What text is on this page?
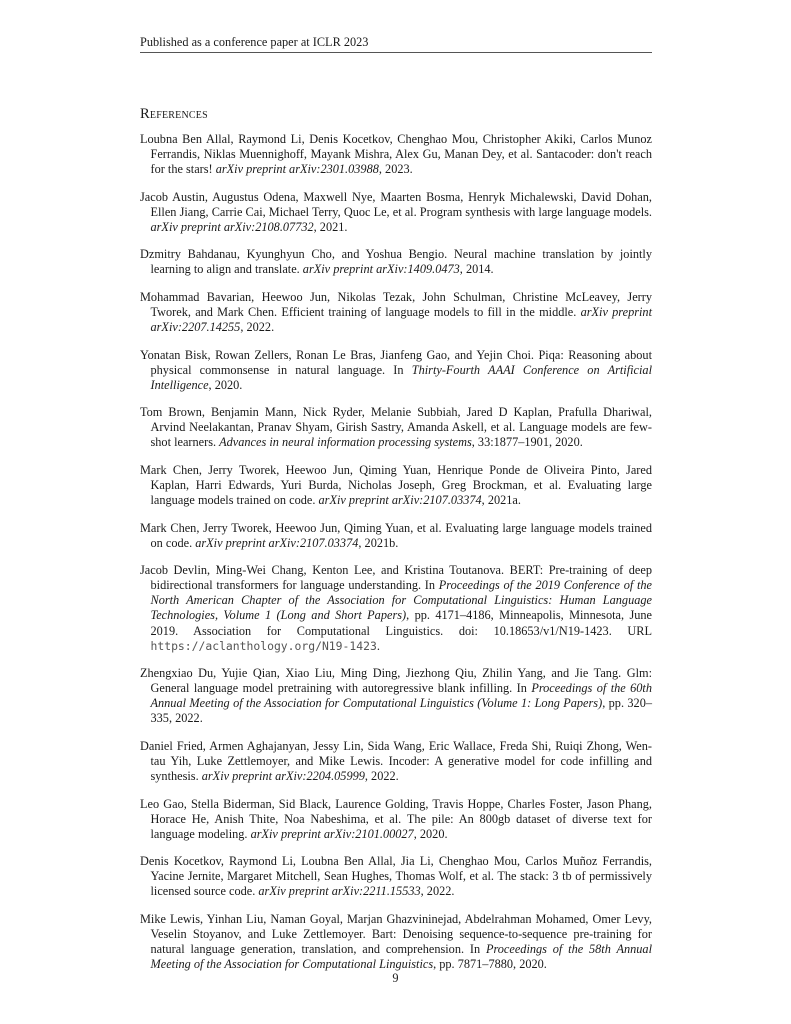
Published as a conference paper at ICLR 2023
References
Loubna Ben Allal, Raymond Li, Denis Kocetkov, Chenghao Mou, Christopher Akiki, Carlos Munoz Ferrandis, Niklas Muennighoff, Mayank Mishra, Alex Gu, Manan Dey, et al. Santacoder: don't reach for the stars! arXiv preprint arXiv:2301.03988, 2023.
Jacob Austin, Augustus Odena, Maxwell Nye, Maarten Bosma, Henryk Michalewski, David Dohan, Ellen Jiang, Carrie Cai, Michael Terry, Quoc Le, et al. Program synthesis with large language models. arXiv preprint arXiv:2108.07732, 2021.
Dzmitry Bahdanau, Kyunghyun Cho, and Yoshua Bengio. Neural machine translation by jointly learning to align and translate. arXiv preprint arXiv:1409.0473, 2014.
Mohammad Bavarian, Heewoo Jun, Nikolas Tezak, John Schulman, Christine McLeavey, Jerry Tworek, and Mark Chen. Efficient training of language models to fill in the middle. arXiv preprint arXiv:2207.14255, 2022.
Yonatan Bisk, Rowan Zellers, Ronan Le Bras, Jianfeng Gao, and Yejin Choi. Piqa: Reasoning about physical commonsense in natural language. In Thirty-Fourth AAAI Conference on Artificial Intelligence, 2020.
Tom Brown, Benjamin Mann, Nick Ryder, Melanie Subbiah, Jared D Kaplan, Prafulla Dhariwal, Arvind Neelakantan, Pranav Shyam, Girish Sastry, Amanda Askell, et al. Language models are few-shot learners. Advances in neural information processing systems, 33:1877–1901, 2020.
Mark Chen, Jerry Tworek, Heewoo Jun, Qiming Yuan, Henrique Ponde de Oliveira Pinto, Jared Kaplan, Harri Edwards, Yuri Burda, Nicholas Joseph, Greg Brockman, et al. Evaluating large language models trained on code. arXiv preprint arXiv:2107.03374, 2021a.
Mark Chen, Jerry Tworek, Heewoo Jun, Qiming Yuan, et al. Evaluating large language models trained on code. arXiv preprint arXiv:2107.03374, 2021b.
Jacob Devlin, Ming-Wei Chang, Kenton Lee, and Kristina Toutanova. BERT: Pre-training of deep bidirectional transformers for language understanding. In Proceedings of the 2019 Conference of the North American Chapter of the Association for Computational Linguistics: Human Language Technologies, Volume 1 (Long and Short Papers), pp. 4171–4186, Minneapolis, Minnesota, June 2019. Association for Computational Linguistics. doi: 10.18653/v1/N19-1423. URL https://aclanthology.org/N19-1423.
Zhengxiao Du, Yujie Qian, Xiao Liu, Ming Ding, Jiezhong Qiu, Zhilin Yang, and Jie Tang. Glm: General language model pretraining with autoregressive blank infilling. In Proceedings of the 60th Annual Meeting of the Association for Computational Linguistics (Volume 1: Long Papers), pp. 320–335, 2022.
Daniel Fried, Armen Aghajanyan, Jessy Lin, Sida Wang, Eric Wallace, Freda Shi, Ruiqi Zhong, Wen-tau Yih, Luke Zettlemoyer, and Mike Lewis. Incoder: A generative model for code infilling and synthesis. arXiv preprint arXiv:2204.05999, 2022.
Leo Gao, Stella Biderman, Sid Black, Laurence Golding, Travis Hoppe, Charles Foster, Jason Phang, Horace He, Anish Thite, Noa Nabeshima, et al. The pile: An 800gb dataset of diverse text for language modeling. arXiv preprint arXiv:2101.00027, 2020.
Denis Kocetkov, Raymond Li, Loubna Ben Allal, Jia Li, Chenghao Mou, Carlos Muñoz Ferrandis, Yacine Jernite, Margaret Mitchell, Sean Hughes, Thomas Wolf, et al. The stack: 3 tb of permissively licensed source code. arXiv preprint arXiv:2211.15533, 2022.
Mike Lewis, Yinhan Liu, Naman Goyal, Marjan Ghazvininejad, Abdelrahman Mohamed, Omer Levy, Veselin Stoyanov, and Luke Zettlemoyer. Bart: Denoising sequence-to-sequence pre-training for natural language generation, translation, and comprehension. In Proceedings of the 58th Annual Meeting of the Association for Computational Linguistics, pp. 7871–7880, 2020.
9
